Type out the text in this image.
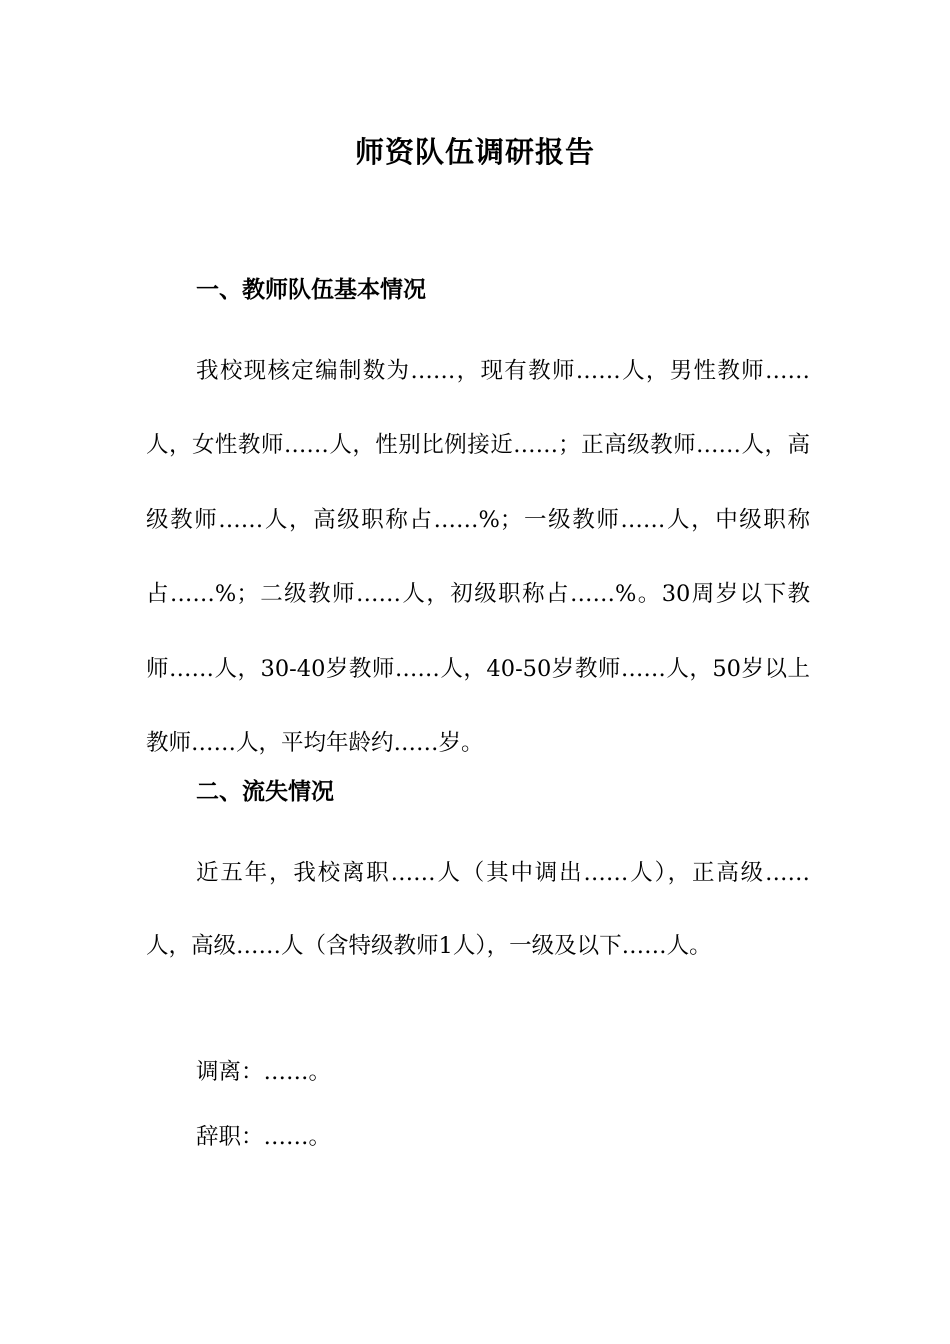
师资队伍调研报告
一、教师队伍基本情况

我校现核定编制数为……，现有教师……人，男性教师……人，女性教师……人，性别比例接近……；正高级教师……人，高级教师……人，高级职称占……%；一级教师……人，中级职称占……%；二级教师……人，初级职称占……%。30周岁以下教师……人，30-40岁教师……人，40-50岁教师……人，50岁以上教师……人，平均年龄约……岁。

二、流失情况

近五年，我校离职……人（其中调出……人），正高级……人，高级……人（含特级教师1人），一级及以下……人。

调离：……。

辞职：……。
